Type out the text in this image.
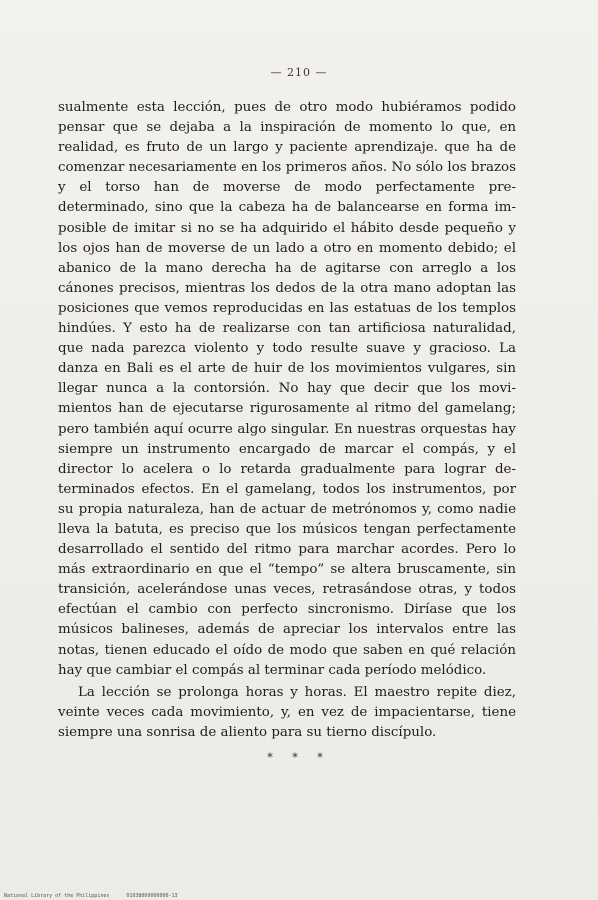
— 210 —

sualmente esta lección, pues de otro modo hubiéramos podido pensar que se dejaba a la inspiración de momento lo que, en realidad, es fruto de un largo y paciente aprendizaje. que ha de comenzar necesariamente en los primeros años. No sólo los brazos y el torso han de moverse de modo perfectamente predeterminado, sino que la cabeza ha de balancearse en forma imposible de imitar si no se ha adquirido el hábito desde pequeño y los ojos han de moverse de un lado a otro en momento debido; el abanico de la mano derecha ha de agitarse con arreglo a los cánones precisos, mientras los dedos de la otra mano adoptan las posiciones que vemos reproducidas en las estatuas de los templos hindúes. Y esto ha de realizarse con tan artificiosa naturalidad, que nada parezca violento y todo resulte suave y gracioso. La danza en Bali es el arte de huir de los movimientos vulgares, sin llegar nunca a la contorsión. No hay que decir que los movimientos han de ejecutarse rigurosamente al ritmo del gamelang; pero también aquí ocurre algo singular. En nuestras orquestas hay siempre un instrumento encargado de marcar el compás, y el director lo acelera o lo retarda gradualmente para lograr determinados efectos. En el gamelang, todos los instrumentos, por su propia naturaleza, han de actuar de metrónomos y, como nadie lleva la batuta, es preciso que los músicos tengan perfectamente desarrollado el sentido del ritmo para marchar acordes. Pero lo más extraordinario en que el “tempo” se altera bruscamente, sin transición, acelerándose unas veces, retrasándose otras, y todos efectúan el cambio con perfecto sincronismo. Diríase que los músicos balineses, además de apreciar los intervalos entre las notas, tienen educado el oído de modo que saben en qué relación hay que cambiar el compás al terminar cada período melódico.

La lección se prolonga horas y horas. El maestro repite diez, veinte veces cada movimiento, y, en vez de impacientarse, tiene siempre una sonrisa de aliento para su tierno discípulo.

* * *
National Library of the Philippines	01038000000000-13
